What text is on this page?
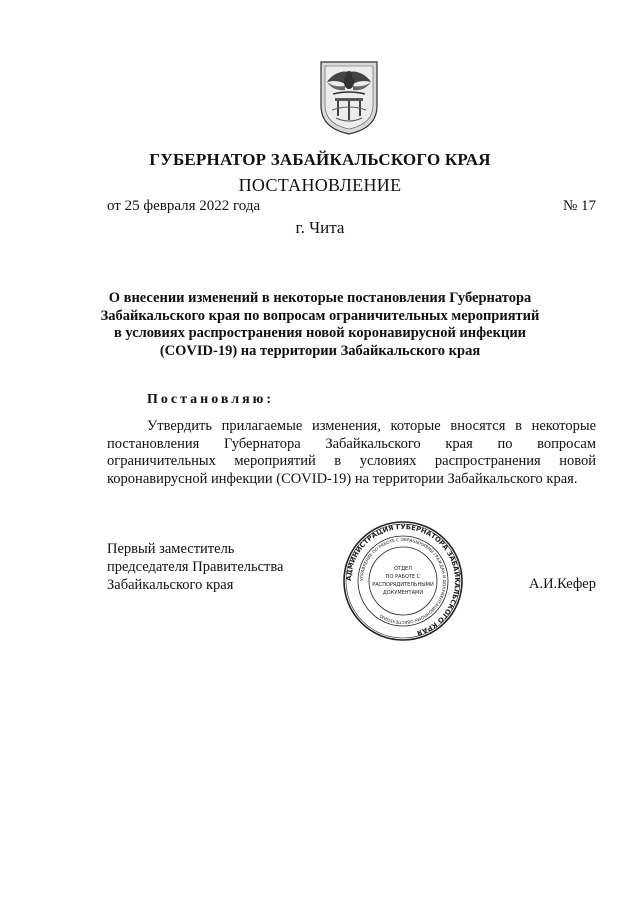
ГУБЕРНАТОР ЗАБАЙКАЛЬСКОГО КРАЯ
ПОСТАНОВЛЕНИЕ
от 25 февраля 2022 года	№ 17
г. Чита
О внесении изменений в некоторые постановления Губернатора
Забайкальского края по вопросам ограничительных мероприятий
в условиях распространения новой коронавирусной инфекции
(COVID-19) на территории Забайкальского края
Постановляю:
Утвердить прилагаемые изменения, которые вносятся в некоторые постановления Губернатора Забайкальского края по вопросам ограничительных мероприятий в условиях распространения новой коронавирусной инфекции (COVID-19) на территории Забайкальского края.
Первый заместитель
председателя Правительства
Забайкальского края	А.И.Кефер
АДМИНИСТРАЦИЯ ГУБЕРНАТОРА ЗАБАЙКАЛЬСКОГО КРАЯ
УПРАВЛЕНИЕ ПО РАБОТЕ С ОБРАЩЕНИЯМИ ГРАЖДАН И ДОКУМЕНТАЦИОННОМУ ОБЕСПЕЧЕНИЮ
ОТДЕЛ
ПО РАБОТЕ С
РАСПОРЯДИТЕЛЬНЫМИ
ДОКУМЕНТАМИ
